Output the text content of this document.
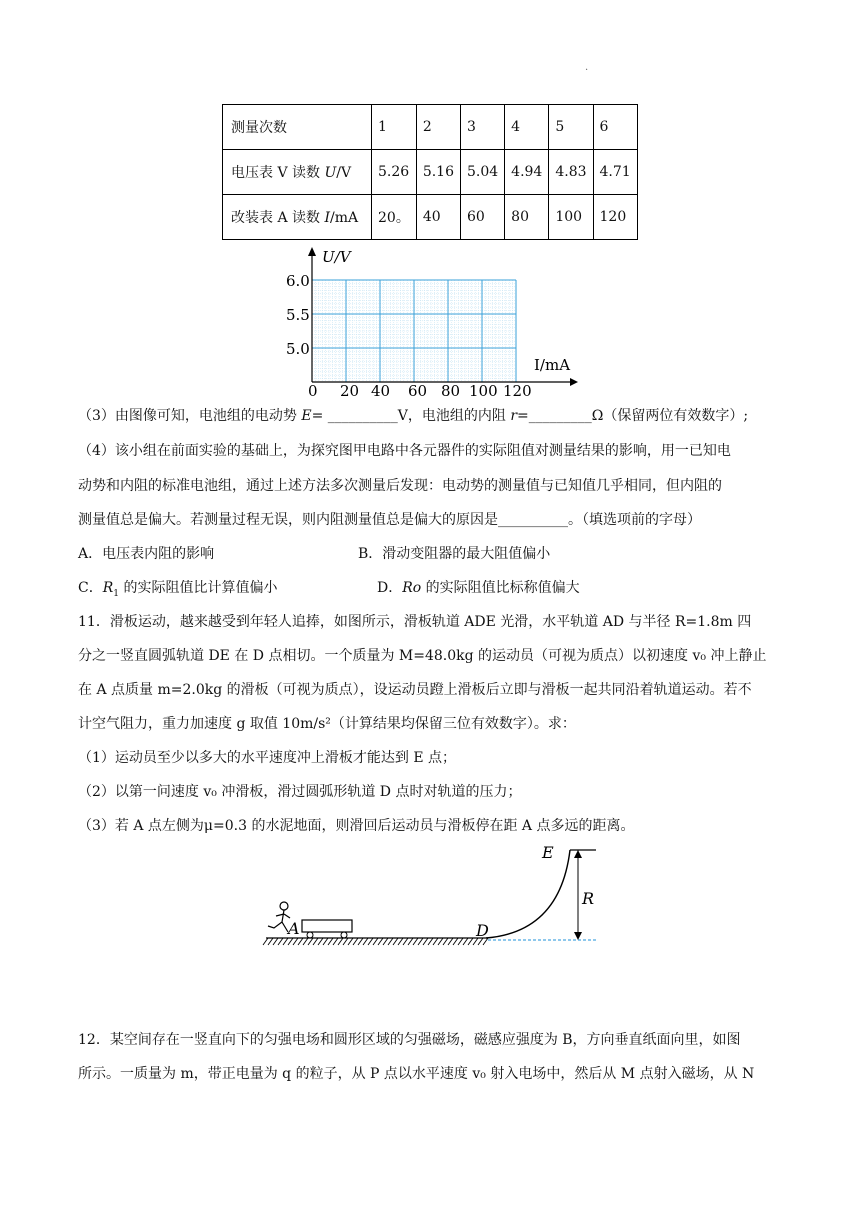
.
测量次数	1	2	3	4	5	6
电压表 V 读数 U/V	5.26	5.16	5.04	4.94	4.83	4.71
改装表 A 读数 I/mA	20。	40	60	80	100	120
U/V
I/mA
6.0
5.5
5.0
0 20 40 60 80 100 120
（3）由图像可知，电池组的电动势 E= __________V，电池组的内阻 r=_________Ω（保留两位有效数字）;
（4）该小组在前面实验的基础上，为探究图甲电路中各元器件的实际阻值对测量结果的影响，用一已知电
动势和内阻的标准电池组，通过上述方法多次测量后发现：电动势的测量值与已知值几乎相同，但内阻的
测量值总是偏大。若测量过程无误，则内阻测量值总是偏大的原因是__________。（填选项前的字母）
A．电压表内阻的影响	B．滑动变阻器的最大阻值偏小
C．$R_1$ 的实际阻值比计算值偏小	D．Ro 的实际阻值比标称值偏大
11．滑板运动，越来越受到年轻人追捧，如图所示，滑板轨道 ADE 光滑，水平轨道 AD 与半径 R=1.8m 四
分之一竖直圆弧轨道 DE 在 D 点相切。一个质量为 M=48.0kg 的运动员（可视为质点）以初速度 v₀ 冲上静止
在 A 点质量 m=2.0kg 的滑板（可视为质点），设运动员蹬上滑板后立即与滑板一起共同沿着轨道运动。若不
计空气阻力，重力加速度 g 取值 10m/s²（计算结果均保留三位有效数字）。求：
（1）运动员至少以多大的水平速度冲上滑板才能达到 E 点；
（2）以第一问速度 v₀ 冲滑板，滑过圆弧形轨道 D 点时对轨道的压力；
（3）若 A 点左侧为μ=0.3 的水泥地面，则滑回后运动员与滑板停在距 A 点多远的距离。
A	D
E
R
12．某空间存在一竖直向下的匀强电场和圆形区域的匀强磁场，磁感应强度为 B，方向垂直纸面向里，如图
所示。一质量为 m，带正电量为 q 的粒子，从 P 点以水平速度 v₀ 射入电场中，然后从 M 点射入磁场，从 N
